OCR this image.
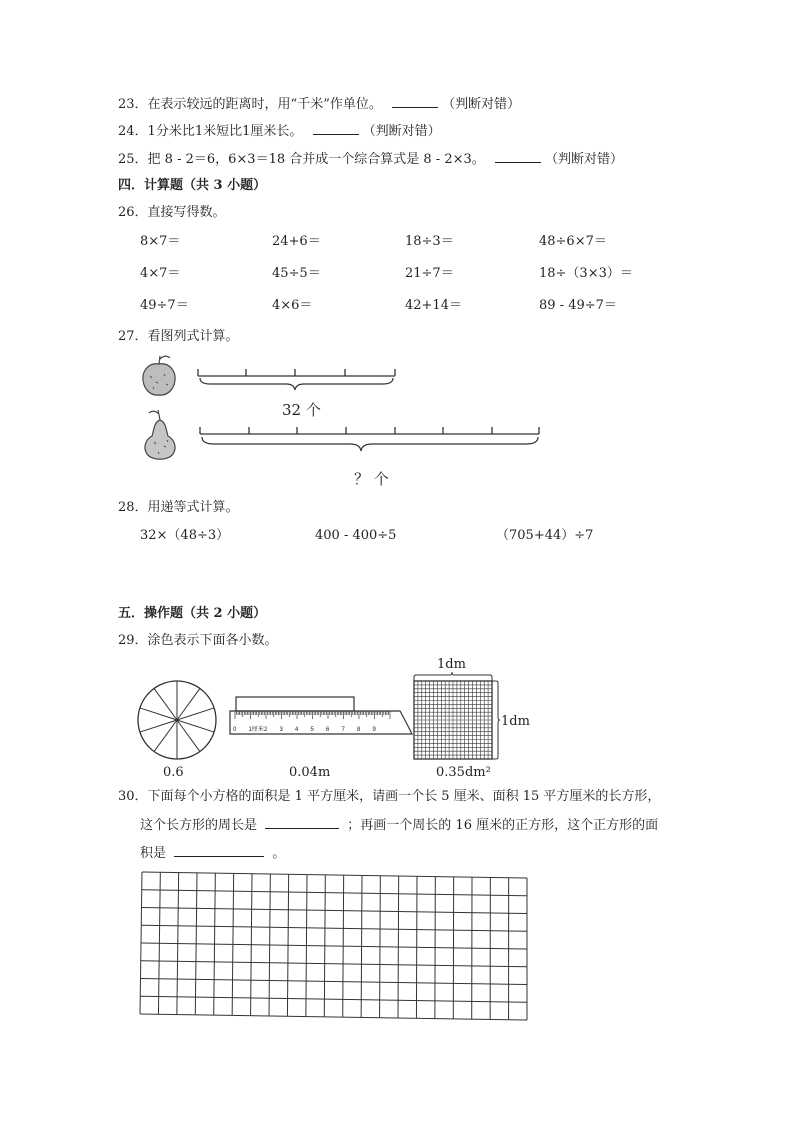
23．在表示较远的距离时，用“千米”作单位。	（判断对错）
24．1分米比1米短比1厘米长。	（判断对错）
25．把 8 - 2＝6，6×3＝18 合并成一个综合算式是 8 - 2×3。	（判断对错）
四．计算题（共 3 小题）
26．直接写得数。
8×7＝	24+6＝	18÷3＝	48÷6×7＝
4×7＝	45÷5＝	21÷7＝	18÷（3×3）＝
49÷7＝	4×6＝	42+14＝	89 - 49÷7＝
27．看图列式计算。
32 个
？ 个
28．用递等式计算。
32×（48÷3）	400 - 400÷5	（705+44）÷7
五．操作题（共 2 小题）
29．涂色表示下面各小数。
0.6
0 1厘米 2 3 4 5 6 7 8 9
0.04m
1dm
1dm
0.35dm²
30．下面每个小方格的面积是 1 平方厘米，请画一个长 5 厘米、面积 15 平方厘米的长方形，
这个长方形的周长是	；再画一个周长的 16 厘米的正方形，这个正方形的面
积是	。
